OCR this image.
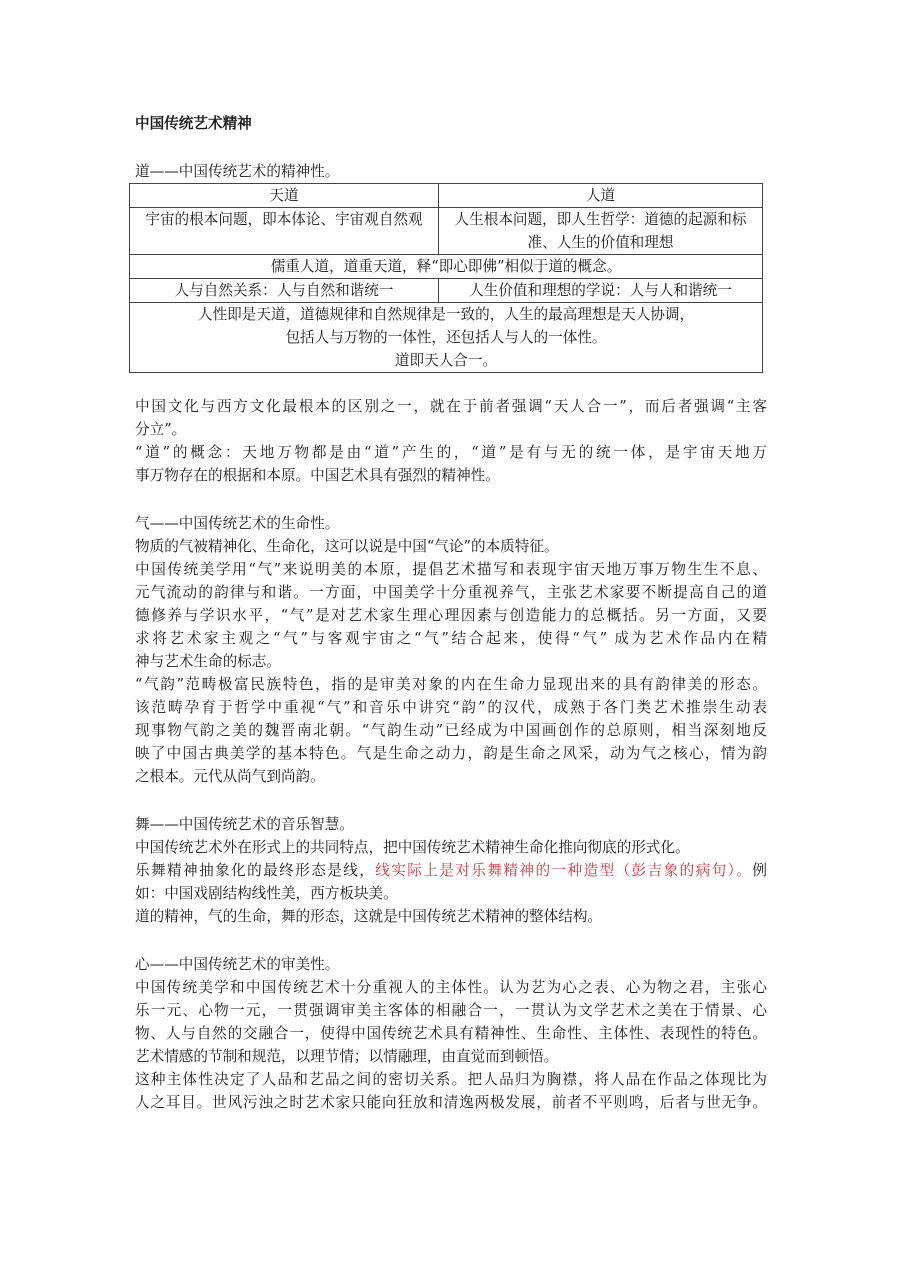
中国传统艺术精神
道——中国传统艺术的精神性。
天道	人道
宇宙的根本问题，即本体论、宇宙观自然观	人生根本问题，即人生哲学：道德的起源和标准、人生的价值和理想
儒重人道，道重天道，释“即心即佛”相似于道的概念。	
人与自然关系：人与自然和谐统一	人生价值和理想的学说：人与人和谐统一

人性即是天道，道德规律和自然规律是一致的，人生的最高理想是天人协调，
包括人与万物的一体性，还包括人与人的一体性。
道即天人合一。	
中国文化与西方文化最根本的区别之一，就在于前者强调“天人合一”，而后者强调“主客
分立”。
“道”的概念：天地万物都是由“道”产生的，“道”是有与无的统一体，是宇宙天地万
事万物存在的根据和本原。中国艺术具有强烈的精神性。
气——中国传统艺术的生命性。
物质的气被精神化、生命化，这可以说是中国“气论”的本质特征。
中国传统美学用“气”来说明美的本原，提倡艺术描写和表现宇宙天地万事万物生生不息、
元气流动的韵律与和谐。一方面，中国美学十分重视养气，主张艺术家要不断提高自己的道
德修养与学识水平，“气”是对艺术家生理心理因素与创造能力的总概括。另一方面，又要
求将艺术家主观之“气”与客观宇宙之“气”结合起来，使得“气” 成为艺术作品内在精
神与艺术生命的标志。
“气韵”范畴极富民族特色，指的是审美对象的内在生命力显现出来的具有韵律美的形态。
该范畴孕育于哲学中重视“气”和音乐中讲究“韵”的汉代，成熟于各门类艺术推崇生动表
现事物气韵之美的魏晋南北朝。“气韵生动”已经成为中国画创作的总原则，相当深刻地反
映了中国古典美学的基本特色。气是生命之动力，韵是生命之风采，动为气之核心，情为韵
之根本。元代从尚气到尚韵。
舞——中国传统艺术的音乐智慧。
中国传统艺术外在形式上的共同特点，把中国传统艺术精神生命化推向彻底的形式化。
乐舞精神抽象化的最终形态是线，线实际上是对乐舞精神的一种造型（彭吉象的病句）。例
如：中国戏剧结构线性美，西方板块美。
道的精神，气的生命，舞的形态，这就是中国传统艺术精神的整体结构。
心——中国传统艺术的审美性。
中国传统美学和中国传统艺术十分重视人的主体性。认为艺为心之表、心为物之君，主张心
乐一元、心物一元，一贯强调审美主客体的相融合一，一贯认为文学艺术之美在于情景、心
物、人与自然的交融合一，使得中国传统艺术具有精神性、生命性、主体性、表现性的特色。
艺术情感的节制和规范，以理节情；以情融理，由直觉而到顿悟。
这种主体性决定了人品和艺品之间的密切关系。把人品归为胸襟，将人品在作品之体现比为
人之耳目。世风污浊之时艺术家只能向狂放和清逸两极发展，前者不平则鸣，后者与世无争。
